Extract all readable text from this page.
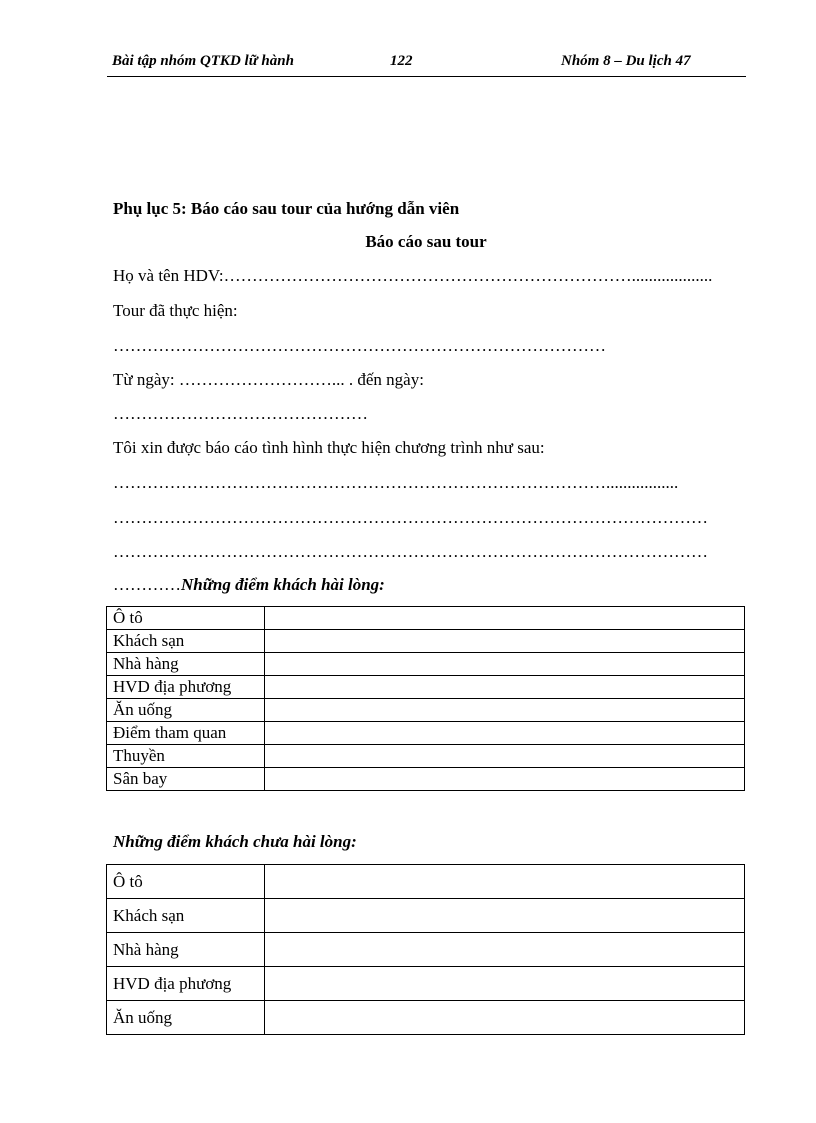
Bài tập nhóm QTKD lữ hành	122	Nhóm 8 – Du lịch 47
Phụ lục 5: Báo cáo sau tour của hướng dẫn viên
Báo cáo sau tour
Họ và tên HDV:………………………………………………………………...................
Tour đã thực hiện:
……………………………………………………………………………
Từ ngày: ………………………... . đến ngày:
………………………………………
Tôi xin được báo cáo tình hình thực hiện chương trình như sau:
…………………………………………………………………………….................
……………………………………………………………………………………………
……………………………………………………………………………………………
…………Những điểm khách hài lòng:
Ô tô	
Khách sạn	
Nhà hàng	
HVD địa phương	
Ăn uống	
Điểm tham quan	
Thuyền	
Sân bay	
Những điểm khách chưa hài lòng:
Ô tô	
Khách sạn	
Nhà hàng	
HVD địa phương	
Ăn uống	
